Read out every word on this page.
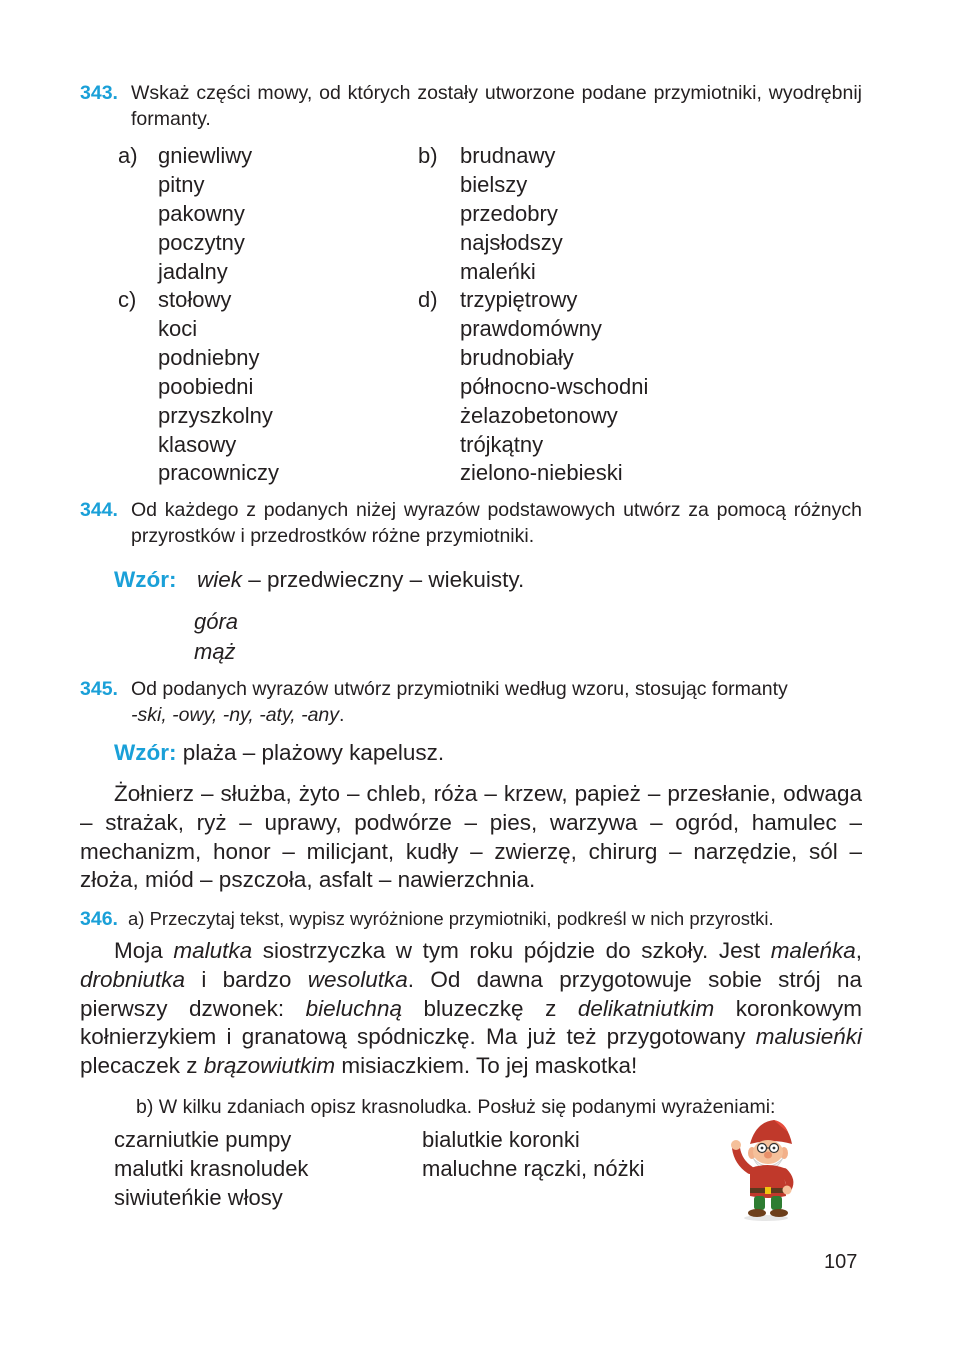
343. Wskaż części mowy, od których zostały utworzone podane przymiotniki, wyodrębnij formanty.
a) gniewliwy
pitny
pakowny
poczytny
jadalny
b) brudnawy
bielszy
przedobry
najsłodszy
maleńki
c) stołowy
koci
podniebny
poobiedni
przyszkolny
klasowy
pracowniczy
d) trzypiętrowy
prawdomówny
brudnobiały
północno-wschodni
żelazobetonowy
trójkątny
zielono-niebieski
344. Od każdego z podanych niżej wyrazów podstawowych utwórz za pomocą różnych przyrostków i przedrostków różne przymiotniki.
Wzór: wiek – przedwieczny – wiekuisty.
góra
mąż
345. Od podanych wyrazów utwórz przymiotniki według wzoru, stosując formanty
-ski, -owy, -ny, -aty, -any.
Wzór: plaża – plażowy kapelusz.
Żołnierz – służba, żyto – chleb, róża – krzew, papież – przesłanie, odwaga – strażak, ryż – uprawy, podwórze – pies, warzywa – ogród, hamulec – mechanizm, honor – milicjant, kudły – zwierzę, chirurg – narzędzie, sól – złoża, miód – pszczoła, asfalt – nawierzchnia.
346. a) Przeczytaj tekst, wypisz wyróżnione przymiotniki, podkreśl w nich przyrostki.
Moja malutka siostrzyczka w tym roku pójdzie do szkoły. Jest maleńka, drobniutka i bardzo wesolutka. Od dawna przygotowuje sobie strój na pierwszy dzwonek: bieluchną bluzeczkę z delikatniutkim koronkowym kołnierzykiem i granatową spódniczkę. Ma już też przygotowany malusieńki plecaczek z brązowiutkim misiaczkiem. To jej maskotka!
b) W kilku zdaniach opisz krasnoludka. Posłuż się podanymi wyrażeniami:
czarniutkie pumpy
malutki krasnoludek
siwiuteńkie włosy
bialutkie koronki
maluchne rączki, nóżki
107
